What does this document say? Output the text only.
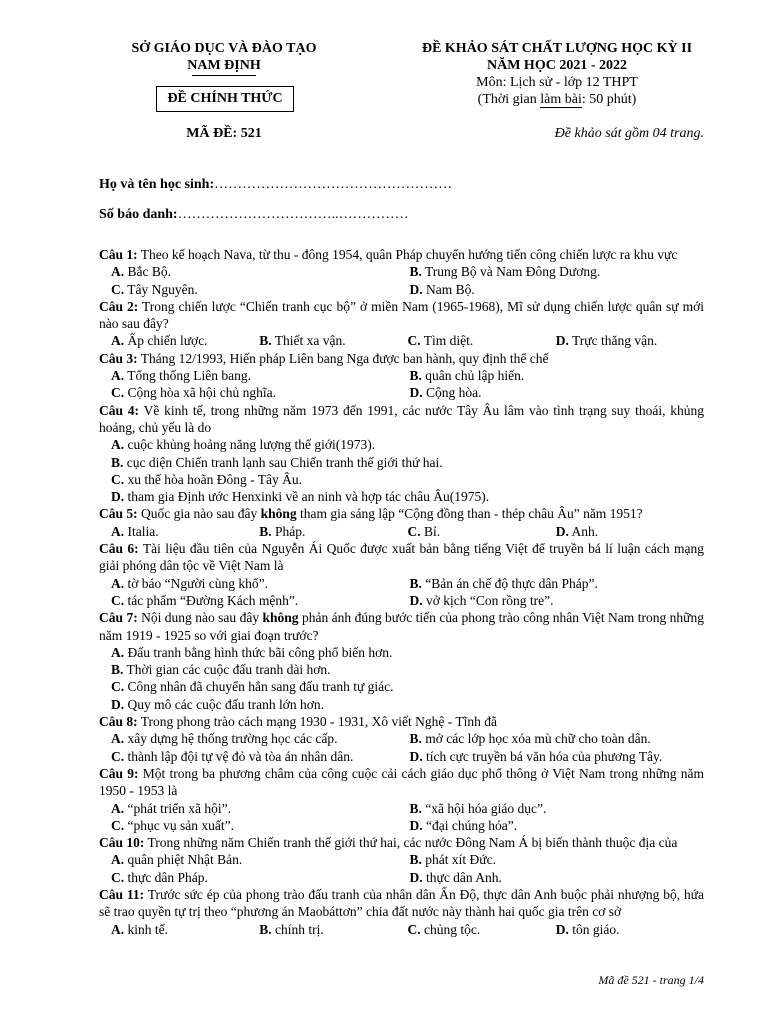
SỞ GIÁO DỤC VÀ ĐÀO TẠO
NAM ĐỊNH
ĐỀ CHÍNH THỨC
MÃ ĐỀ: 521
ĐỀ KHẢO SÁT CHẤT LƯỢNG HỌC KỲ II
NĂM HỌC 2021 - 2022
Môn: Lịch sử - lớp 12 THPT
(Thời gian làm bài: 50 phút)
Đề khảo sát gồm 04 trang.
Họ và tên học sinh:……………………………………………
Số báo danh:……………………………..……………

Câu 1: Theo kế hoạch Nava, từ thu - đông 1954, quân Pháp chuyển hướng tiến công chiến lược ra khu vực

A. Bắc Bộ.	B. Trung Bộ và Nam Đông Dương.
C. Tây Nguyên.	D. Nam Bộ.

Câu 2: Trong chiến lược “Chiến tranh cục bộ” ở miền Nam (1965-1968), Mĩ sử dụng chiến lược quân sự mới nào sau đây?

A. Ấp chiến lược.	B. Thiết xa vận.	C. Tìm diệt.	D. Trực thăng vận.

Câu 3: Tháng 12/1993, Hiến pháp Liên bang Nga được ban hành, quy định thể chế

A. Tổng thống Liên bang.	B. quân chủ lập hiến.
C. Cộng hòa xã hội chủ nghĩa.	D. Cộng hòa.

Câu 4: Về kinh tế, trong những năm 1973 đến 1991, các nước Tây Âu lâm vào tình trạng suy thoái, khủng hoảng, chủ yếu là do

A. cuộc khủng hoảng năng lượng thế giới(1973).
B. cục diện Chiến tranh lạnh sau Chiến tranh thế giới thứ hai.
C. xu thế hòa hoãn Đông - Tây Âu.
D. tham gia Định ước Henxinki về an ninh và hợp tác châu Âu(1975).

Câu 5: Quốc gia nào sau đây không tham gia sáng lập “Cộng đồng than - thép châu Âu” năm 1951?

A. Italia.	B. Pháp.	C. Bỉ.	D. Anh.

Câu 6: Tài liệu đầu tiên của Nguyễn Ái Quốc được xuất bản bằng tiếng Việt để truyền bá lí luận cách mạng giải phóng dân tộc về Việt Nam là

A. tờ báo “Người cùng khổ”.	B. “Bản án chế độ thực dân Pháp”.
C. tác phẩm “Đường Kách mệnh”.	D. vở kịch “Con rồng tre”.

Câu 7: Nội dung nào sau đây không phản ánh đúng bước tiến của phong trào công nhân Việt Nam trong những năm 1919 - 1925 so với giai đoạn trước?

A. Đấu tranh bằng hình thức bãi công phổ biến hơn.
B. Thời gian các cuộc đấu tranh dài hơn.
C. Công nhân đã chuyển hẳn sang đấu tranh tự giác.
D. Quy mô các cuộc đấu tranh lớn hơn.

Câu 8: Trong phong trào cách mạng 1930 - 1931, Xô viết Nghệ - Tĩnh đã

A. xây dựng hệ thống trường học các cấp.	B. mở các lớp học xóa mù chữ cho toàn dân.
C. thành lập đội tự vệ đỏ và tòa án nhân dân.	D. tích cực truyền bá văn hóa của phương Tây.

Câu 9: Một trong ba phương châm của công cuộc cải cách giáo dục phổ thông ở Việt Nam trong những năm 1950 - 1953 là

A. “phát triển xã hội”.	B. “xã hội hóa giáo dục”.
C. “phục vụ sản xuất”.	D. “đại chúng hóa”.

Câu 10: Trong những năm Chiến tranh thế giới thứ hai, các nước Đông Nam Á bị biến thành thuộc địa của

A. quân phiệt Nhật Bản.	B. phát xít Đức.
C. thực dân Pháp.	D. thực dân Anh.

Câu 11: Trước sức ép của phong trào đấu tranh của nhân dân Ấn Độ, thực dân Anh buộc phải nhượng bộ, hứa sẽ trao quyền tự trị theo “phương án Maobáttơn” chia đất nước này thành hai quốc gia trên cơ sở

A. kinh tế.	B. chính trị.	C. chủng tộc.	D. tôn giáo.
Mã đề 521 - trang 1/4
